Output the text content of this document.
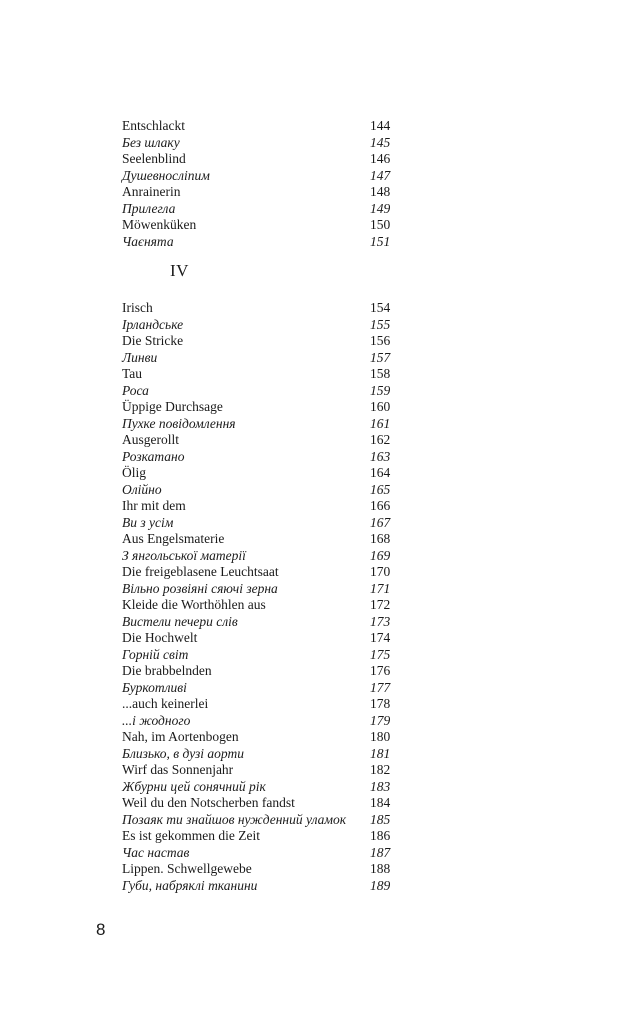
Entschlackt	144
Без шлаку	145
Seelenblind	146
Душевносліпим	147
Anrainerin	148
Прилегла	149
Möwenküken	150
Чаєнята	151
IV
Irisch	154
Ірландське	155
Die Stricke	156
Линви	157
Tau	158
Роса	159
Üppige Durchsage	160
Пухке повідомлення	161
Ausgerollt	162
Розкатано	163
Ölig	164
Олійно	165
Ihr mit dem	166
Ви з усім	167
Aus Engelsmaterie	168
З янгольської матерії	169
Die freigeblasene Leuchtsaat	170
Вільно розвіяні сяючі зерна	171
Kleide die Worthöhlen aus	172
Вистели печери слів	173
Die Hochwelt	174
Горній світ	175
Die brabbelnden	176
Буркотливі	177
...auch keinerlei	178
...і жодного	179
Nah, im Aortenbogen	180
Близько, в дузі аорти	181
Wirf das Sonnenjahr	182
Жбурни цей сонячний рік	183
Weil du den Notscherben fandst	184
Позаяк ти знайшов нужденний уламок 185
Es ist gekommen die Zeit	186
Час настав	187
Lippen. Schwellgewebe	188
Губи, набряклі тканини	189
8
